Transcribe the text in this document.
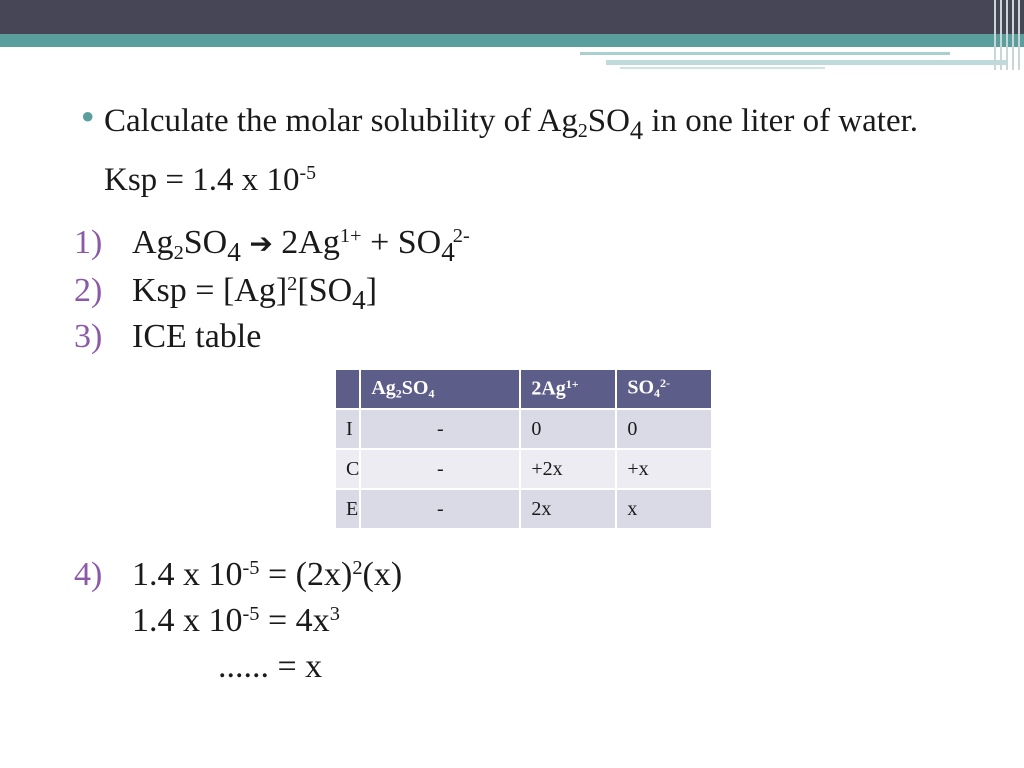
• Calculate the molar solubility of $Ag_2SO_4$ in one liter of water. Ksp = 1.4 x $10^{-5}$
1) $Ag_2SO_4$ ➔ $2Ag^{1+} + SO_4^{2-}$
2) Ksp = $[Ag]^2[SO_4]$
3) ICE table
	$Ag_2SO_4$	$2Ag^{1+}$	$SO_4^{2-}$
I	-	0	0
C	-	+2x	+x
E	-	2x	x
4) 1.4 x $10^{-5} = (2x)^2(x)$
1.4 x $10^{-5} = 4x^3$
...... = x
